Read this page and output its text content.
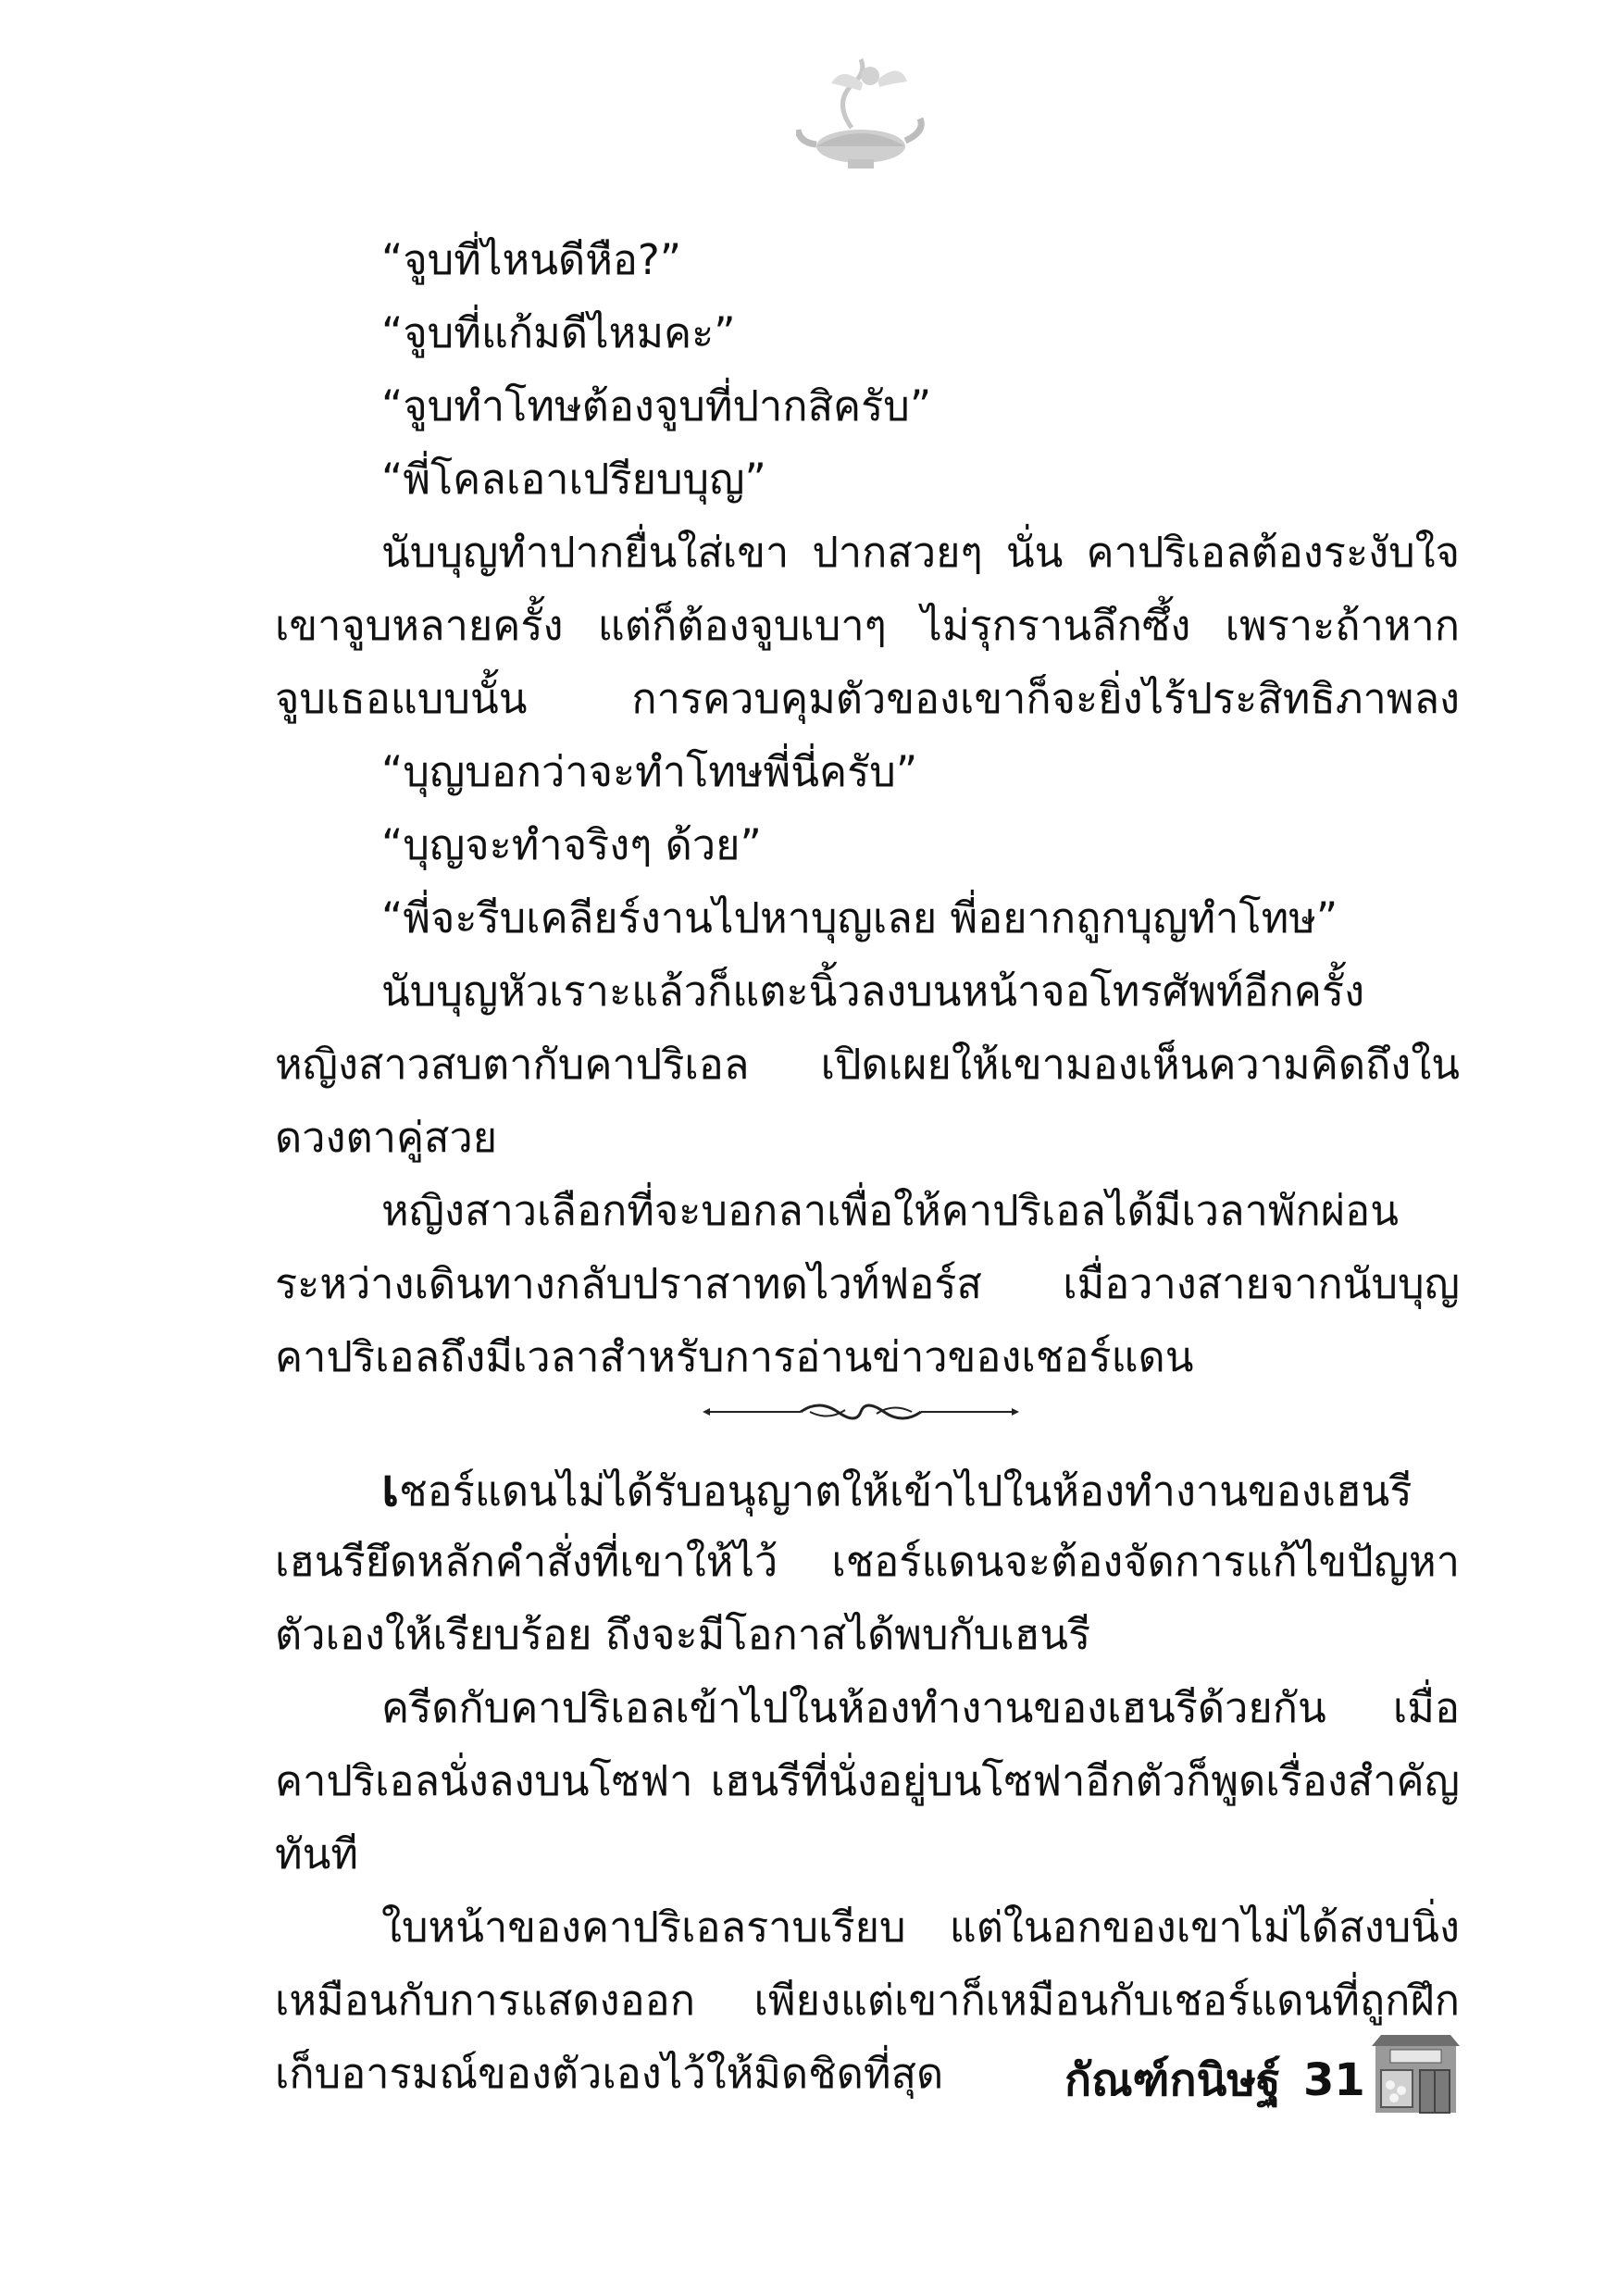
“จูบที่ไหนดีหือ?”
“จูบที่แก้มดีไหมคะ”
“จูบทำโทษต้องจูบที่ปากสิครับ”
“พี่โคลเอาเปรียบบุญ”
นับบุญทำปากยื่นใส่เขา ปากสวยๆ นั่น คาปริเอลต้องระงับใจ
เขาจูบหลายครั้ง แต่ก็ต้องจูบเบาๆ ไม่รุกรานลึกซึ้ง เพราะถ้าหาก
จูบเธอแบบนั้น การควบคุมตัวของเขาก็จะยิ่งไร้ประสิทธิภาพลง
“บุญบอกว่าจะทำโทษพี่นี่ครับ”
“บุญจะทำจริงๆ ด้วย”
“พี่จะรีบเคลียร์งานไปหาบุญเลย พี่อยากถูกบุญทำโทษ”
นับบุญหัวเราะแล้วก็แตะนิ้วลงบนหน้าจอโทรศัพท์อีกครั้ง
หญิงสาวสบตากับคาปริเอล เปิดเผยให้เขามองเห็นความคิดถึงใน
ดวงตาคู่สวย
หญิงสาวเลือกที่จะบอกลาเพื่อให้คาปริเอลได้มีเวลาพักผ่อน
ระหว่างเดินทางกลับปราสาทดไวท์ฟอร์ส เมื่อวางสายจากนับบุญ
คาปริเอลถึงมีเวลาสำหรับการอ่านข่าวของเชอร์แดน
เชอร์แดนไม่ได้รับอนุญาตให้เข้าไปในห้องทำงานของเฮนรี
เฮนรียึดหลักคำสั่งที่เขาให้ไว้ เชอร์แดนจะต้องจัดการแก้ไขปัญหา
ตัวเองให้เรียบร้อย ถึงจะมีโอกาสได้พบกับเฮนรี
ครีดกับคาปริเอลเข้าไปในห้องทำงานของเฮนรีด้วยกัน เมื่อ
คาปริเอลนั่งลงบนโซฟา เฮนรีที่นั่งอยู่บนโซฟาอีกตัวก็พูดเรื่องสำคัญ
ทันที
ใบหน้าของคาปริเอลราบเรียบ แต่ในอกของเขาไม่ได้สงบนิ่ง
เหมือนกับการแสดงออก เพียงแต่เขาก็เหมือนกับเชอร์แดนที่ถูกฝึก
เก็บอารมณ์ของตัวเองไว้ให้มิดชิดที่สุด	กัณฑ์กนิษฐ์ 31
